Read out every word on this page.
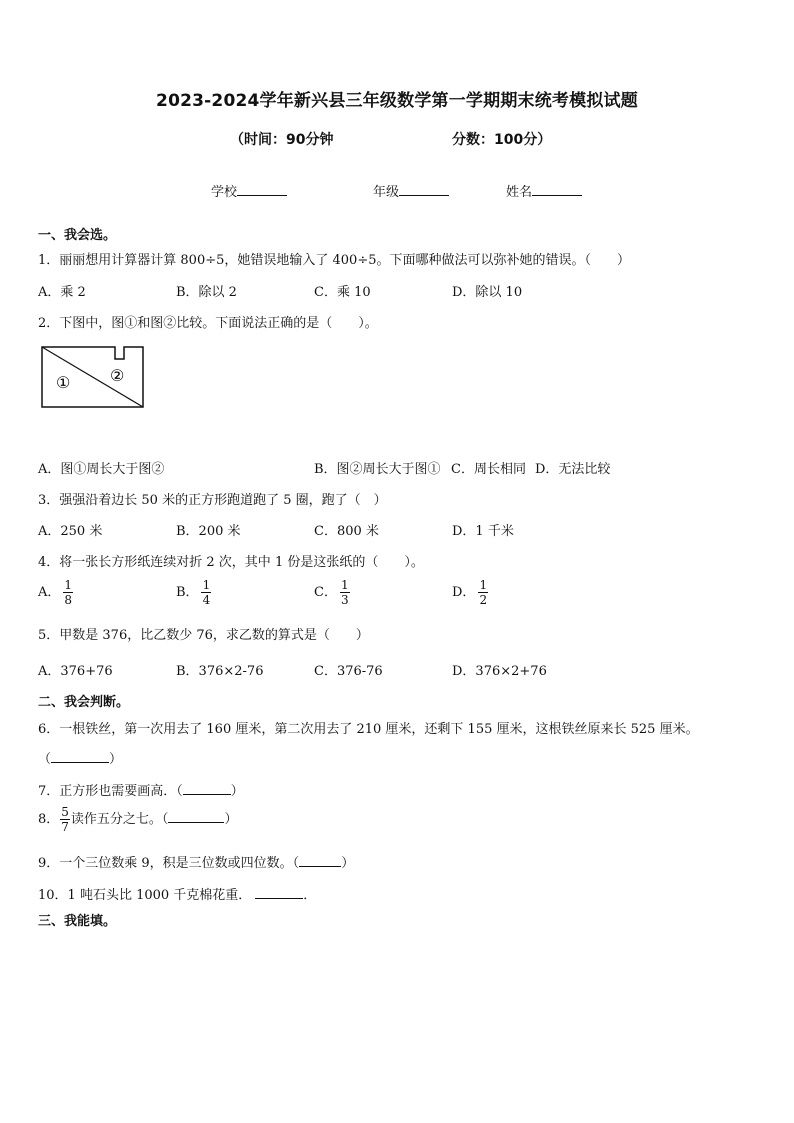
2023-2024学年新兴县三年级数学第一学期期末统考模拟试题
（时间：90分钟	分数：100分）
学校	年级	姓名
一、我会选。
1．丽丽想用计算器计算 800÷5，她错误地输入了 400÷5。下面哪种做法可以弥补她的错误。（　　）
A．乘 2	B．除以 2	C．乘 10	D．除以 10
2．下图中，图①和图②比较。下面说法正确的是（　　）。
① ②
A．图①周长大于图②	B．图②周长大于图① C．周长相同 D．无法比较
3．强强沿着边长 50 米的正方形跑道跑了 5 圈，跑了（　）
A．250 米	B．200 米	C．800 米	D．1 千米
4．将一张长方形纸连续对折 2 次，其中 1 份是这张纸的（　　）。
A． $\frac{1}{8}$	B． $\frac{1}{4}$	C． $\frac{1}{3}$	D． $\frac{1}{2}$
5．甲数是 376，比乙数少 76，求乙数的算式是（　　）
A．376+76	B．376×2-76	C．376-76	D．376×2+76
二、我会判断。
6．一根铁丝，第一次用去了 160 厘米，第二次用去了 210 厘米，还剩下 155 厘米，这根铁丝原来长 525 厘米。
（	）
7．正方形也需要画高．（	）
8． $\frac{5}{7}$ 读作五分之七。（	）
9．一个三位数乘 9，积是三位数或四位数。（	）
10．1 吨石头比 1000 千克棉花重．	．
三、我能填。
